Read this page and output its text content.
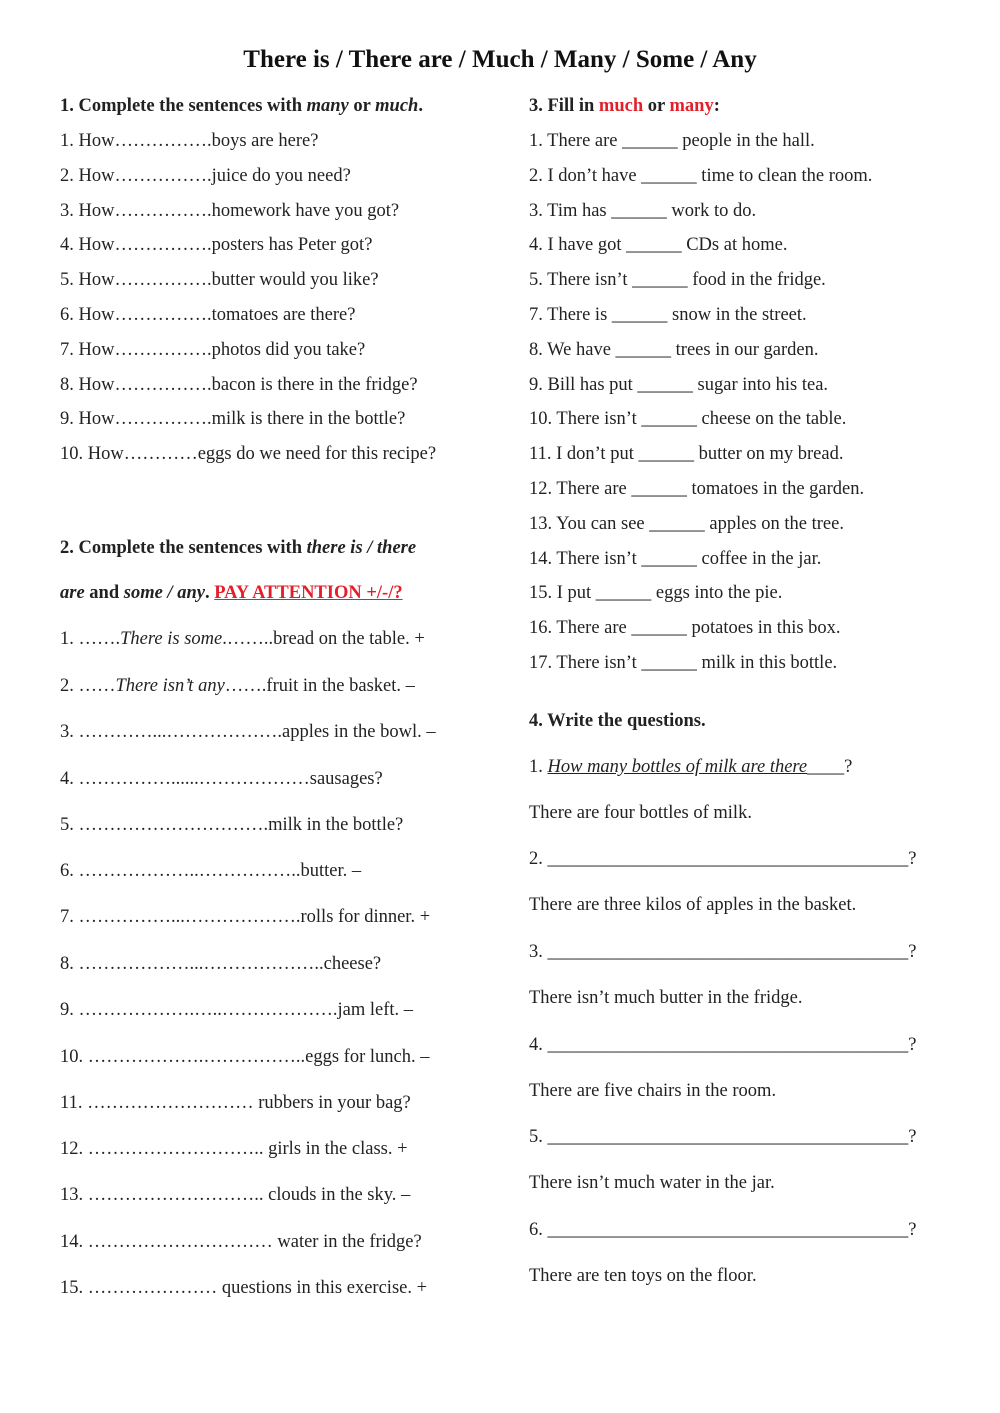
There is / There are / Much / Many / Some / Any
1. Complete the sentences with many or much.
1. How…………….boys are here?
2. How…………….juice do you need?
3. How…………….homework have you got?
4. How…………….posters has Peter got?
5. How…………….butter would you like?
6. How…………….tomatoes are there?
7. How…………….photos did you take?
8. How…………….bacon is there in the fridge?
9. How…………….milk is there in the bottle?
10. How…………eggs do we need for this recipe?
2. Complete the sentences with there is / there
are and some / any. PAY ATTENTION +/-/?
1. …….There is some.……..bread on the table. +
2. ……There isn’t any…….fruit in the basket. –
3. …………...……………….apples in the bowl. –
4. ……………......………………sausages?
5. ………………………….milk in the bottle?
6. ………………..……………..butter. –
7. ……………...……………….rolls for dinner. +
8. ………………...………………..cheese?
9. ……………….…..……………….jam left. –
10. ……………….……………..eggs for lunch. –
11. ……………………… rubbers in your bag?
12. ……………………….. girls in the class. +
13. ……………………….. clouds in the sky. –
14. ………………………… water in the fridge?
15. ………………… questions in this exercise. +
3. Fill in much or many:
1. There are ______ people in the hall.
2. I don’t have ______ time to clean the room.
3. Tim has ______ work to do.
4. I have got ______ CDs at home.
5. There isn’t ______ food in the fridge.
7. There is ______ snow in the street.
8. We have ______ trees in our garden.
9. Bill has put ______ sugar into his tea.
10. There isn’t ______ cheese on the table.
11. I don’t put ______ butter on my bread.
12. There are ______ tomatoes in the garden.
13. You can see ______ apples on the tree.
14. There isn’t ______ coffee in the jar.
15. I put ______ eggs into the pie.
16. There are ______ potatoes in this box.
17. There isn’t ______ milk in this bottle.
4. Write the questions.
1. How many bottles of milk are there____?
There are four bottles of milk.
2. _______________________________________?
There are three kilos of apples in the basket.
3. _______________________________________?
There isn’t much butter in the fridge.
4. _______________________________________?
There are five chairs in the room.
5. _______________________________________?
There isn’t much water in the jar.
6. _______________________________________?
There are ten toys on the floor.
